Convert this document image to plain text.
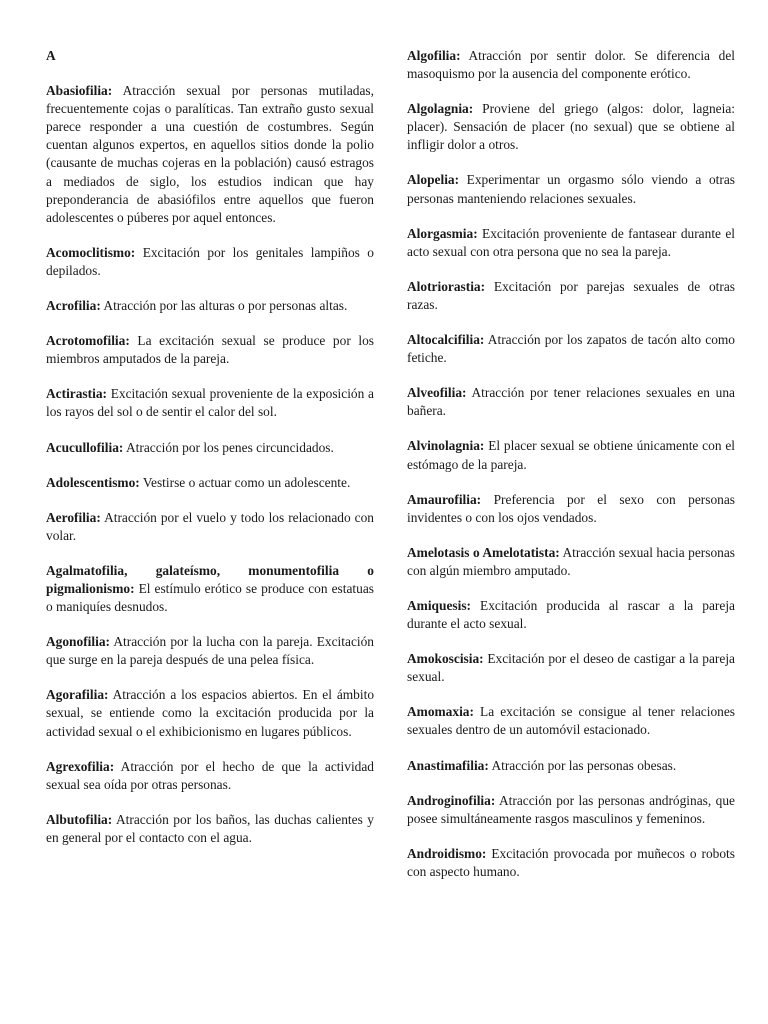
A

Abasiofilia: Atracción sexual por personas mutiladas, frecuentemente cojas o paralíticas. Tan extraño gusto sexual parece responder a una cuestión de costumbres. Según cuentan algunos expertos, en aquellos sitios donde la polio (causante de muchas cojeras en la población) causó estragos a mediados de siglo, los estudios indican que hay preponderancia de abasiófilos entre aquellos que fueron adolescentes o púberes por aquel entonces.

Acomoclitismo: Excitación por los genitales lampiños o depilados.

Acrofilia: Atracción por las alturas o por personas altas.

Acrotomofilia: La excitación sexual se produce por los miembros amputados de la pareja.

Actirastia: Excitación sexual proveniente de la exposición a los rayos del sol o de sentir el calor del sol.

Acucullofilia: Atracción por los penes circuncidados.

Adolescentismo: Vestirse o actuar como un adolescente.

Aerofilia: Atracción por el vuelo y todo los relacionado con volar.

Agalmatofilia, galateísmo, monumentofilia o pigmalionismo: El estímulo erótico se produce con estatuas o maniquíes desnudos.

Agonofilia: Atracción por la lucha con la pareja. Excitación que surge en la pareja después de una pelea física.

Agorafilia: Atracción a los espacios abiertos. En el ámbito sexual, se entiende como la excitación producida por la actividad sexual o el exhibicionismo en lugares públicos.

Agrexofilia: Atracción por el hecho de que la actividad sexual sea oída por otras personas.

Albutofilia: Atracción por los baños, las duchas calientes y en general por el contacto con el agua.

Algofilia: Atracción por sentir dolor. Se diferencia del masoquismo por la ausencia del componente erótico.

Algolagnia: Proviene del griego (algos: dolor, lagneia: placer). Sensación de placer (no sexual) que se obtiene al infligir dolor a otros.

Alopelia: Experimentar un orgasmo sólo viendo a otras personas manteniendo relaciones sexuales.

Alorgasmia: Excitación proveniente de fantasear durante el acto sexual con otra persona que no sea la pareja.

Alotriorastia: Excitación por parejas sexuales de otras razas.

Altocalcifilia: Atracción por los zapatos de tacón alto como fetiche.

Alveofilia: Atracción por tener relaciones sexuales en una bañera.

Alvinolagnia: El placer sexual se obtiene únicamente con el estómago de la pareja.

Amaurofilia: Preferencia por el sexo con personas invidentes o con los ojos vendados.

Amelotasis o Amelotatista: Atracción sexual hacia personas con algún miembro amputado.

Amiquesis: Excitación producida al rascar a la pareja durante el acto sexual.

Amokoscisia: Excitación por el deseo de castigar a la pareja sexual.

Amomaxia: La excitación se consigue al tener relaciones sexuales dentro de un automóvil estacionado.

Anastimafilia: Atracción por las personas obesas.

Androginofilia: Atracción por las personas andróginas, que posee simultáneamente rasgos masculinos y femeninos.

Androidismo: Excitación provocada por muñecos o robots con aspecto humano.
